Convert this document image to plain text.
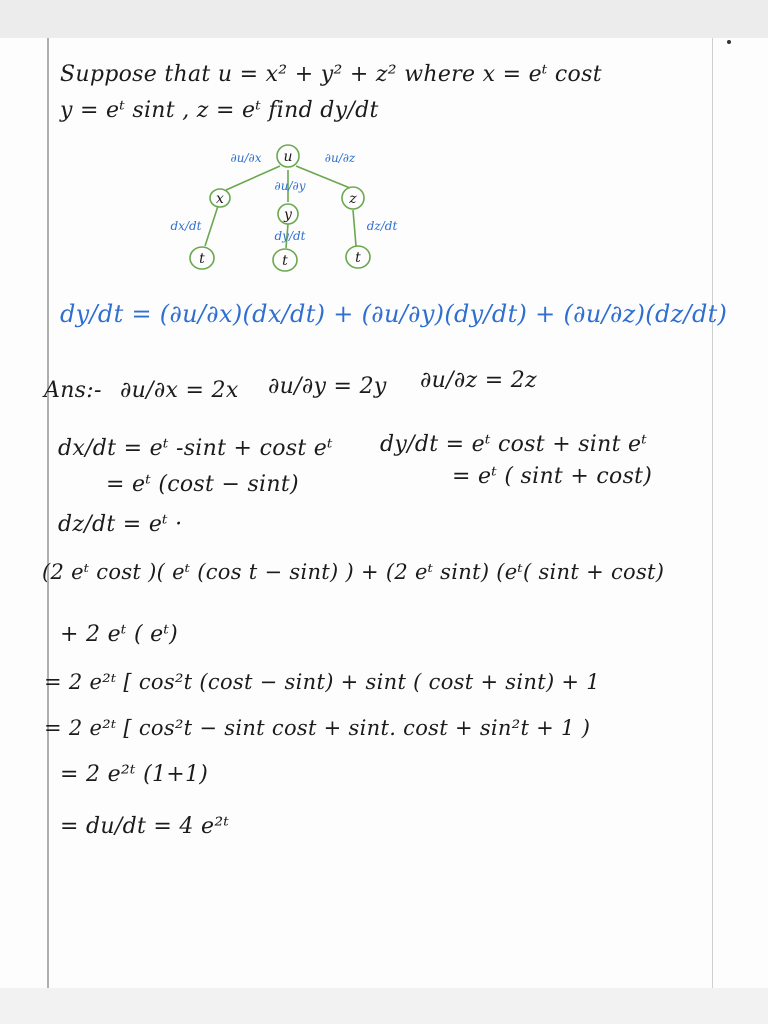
Suppose that u = x² + y² + z² where x = eᵗ cost
y = eᵗ sint , z = eᵗ find dy/dt
u
x
y
z
t	t	t
∂u/∂x
∂u/∂y
∂u/∂z
dx/dt
dy/dt
dz/dt
dy/dt = (∂u/∂x)(dx/dt) + (∂u/∂y)(dy/dt) + (∂u/∂z)(dz/dt)
Ans:- ∂u/∂x = 2x ∂u/∂y = 2y ∂u/∂z = 2z
dx/dt = eᵗ -sint + cost eᵗ
= eᵗ (cost − sint)
dy/dt = eᵗ cost + sint eᵗ
= eᵗ ( sint + cost)
dz/dt = eᵗ ·
(2 eᵗ cost )( eᵗ (cos t − sint) ) + (2 eᵗ sint) (eᵗ( sint + cost)
+ 2 eᵗ ( eᵗ)
= 2 e²ᵗ [ cos²t (cost − sint) + sint ( cost + sint) + 1
= 2 e²ᵗ [ cos²t − sint cost + sint. cost + sin²t + 1 )
= 2 e²ᵗ (1+1)
= du/dt = 4 e²ᵗ
